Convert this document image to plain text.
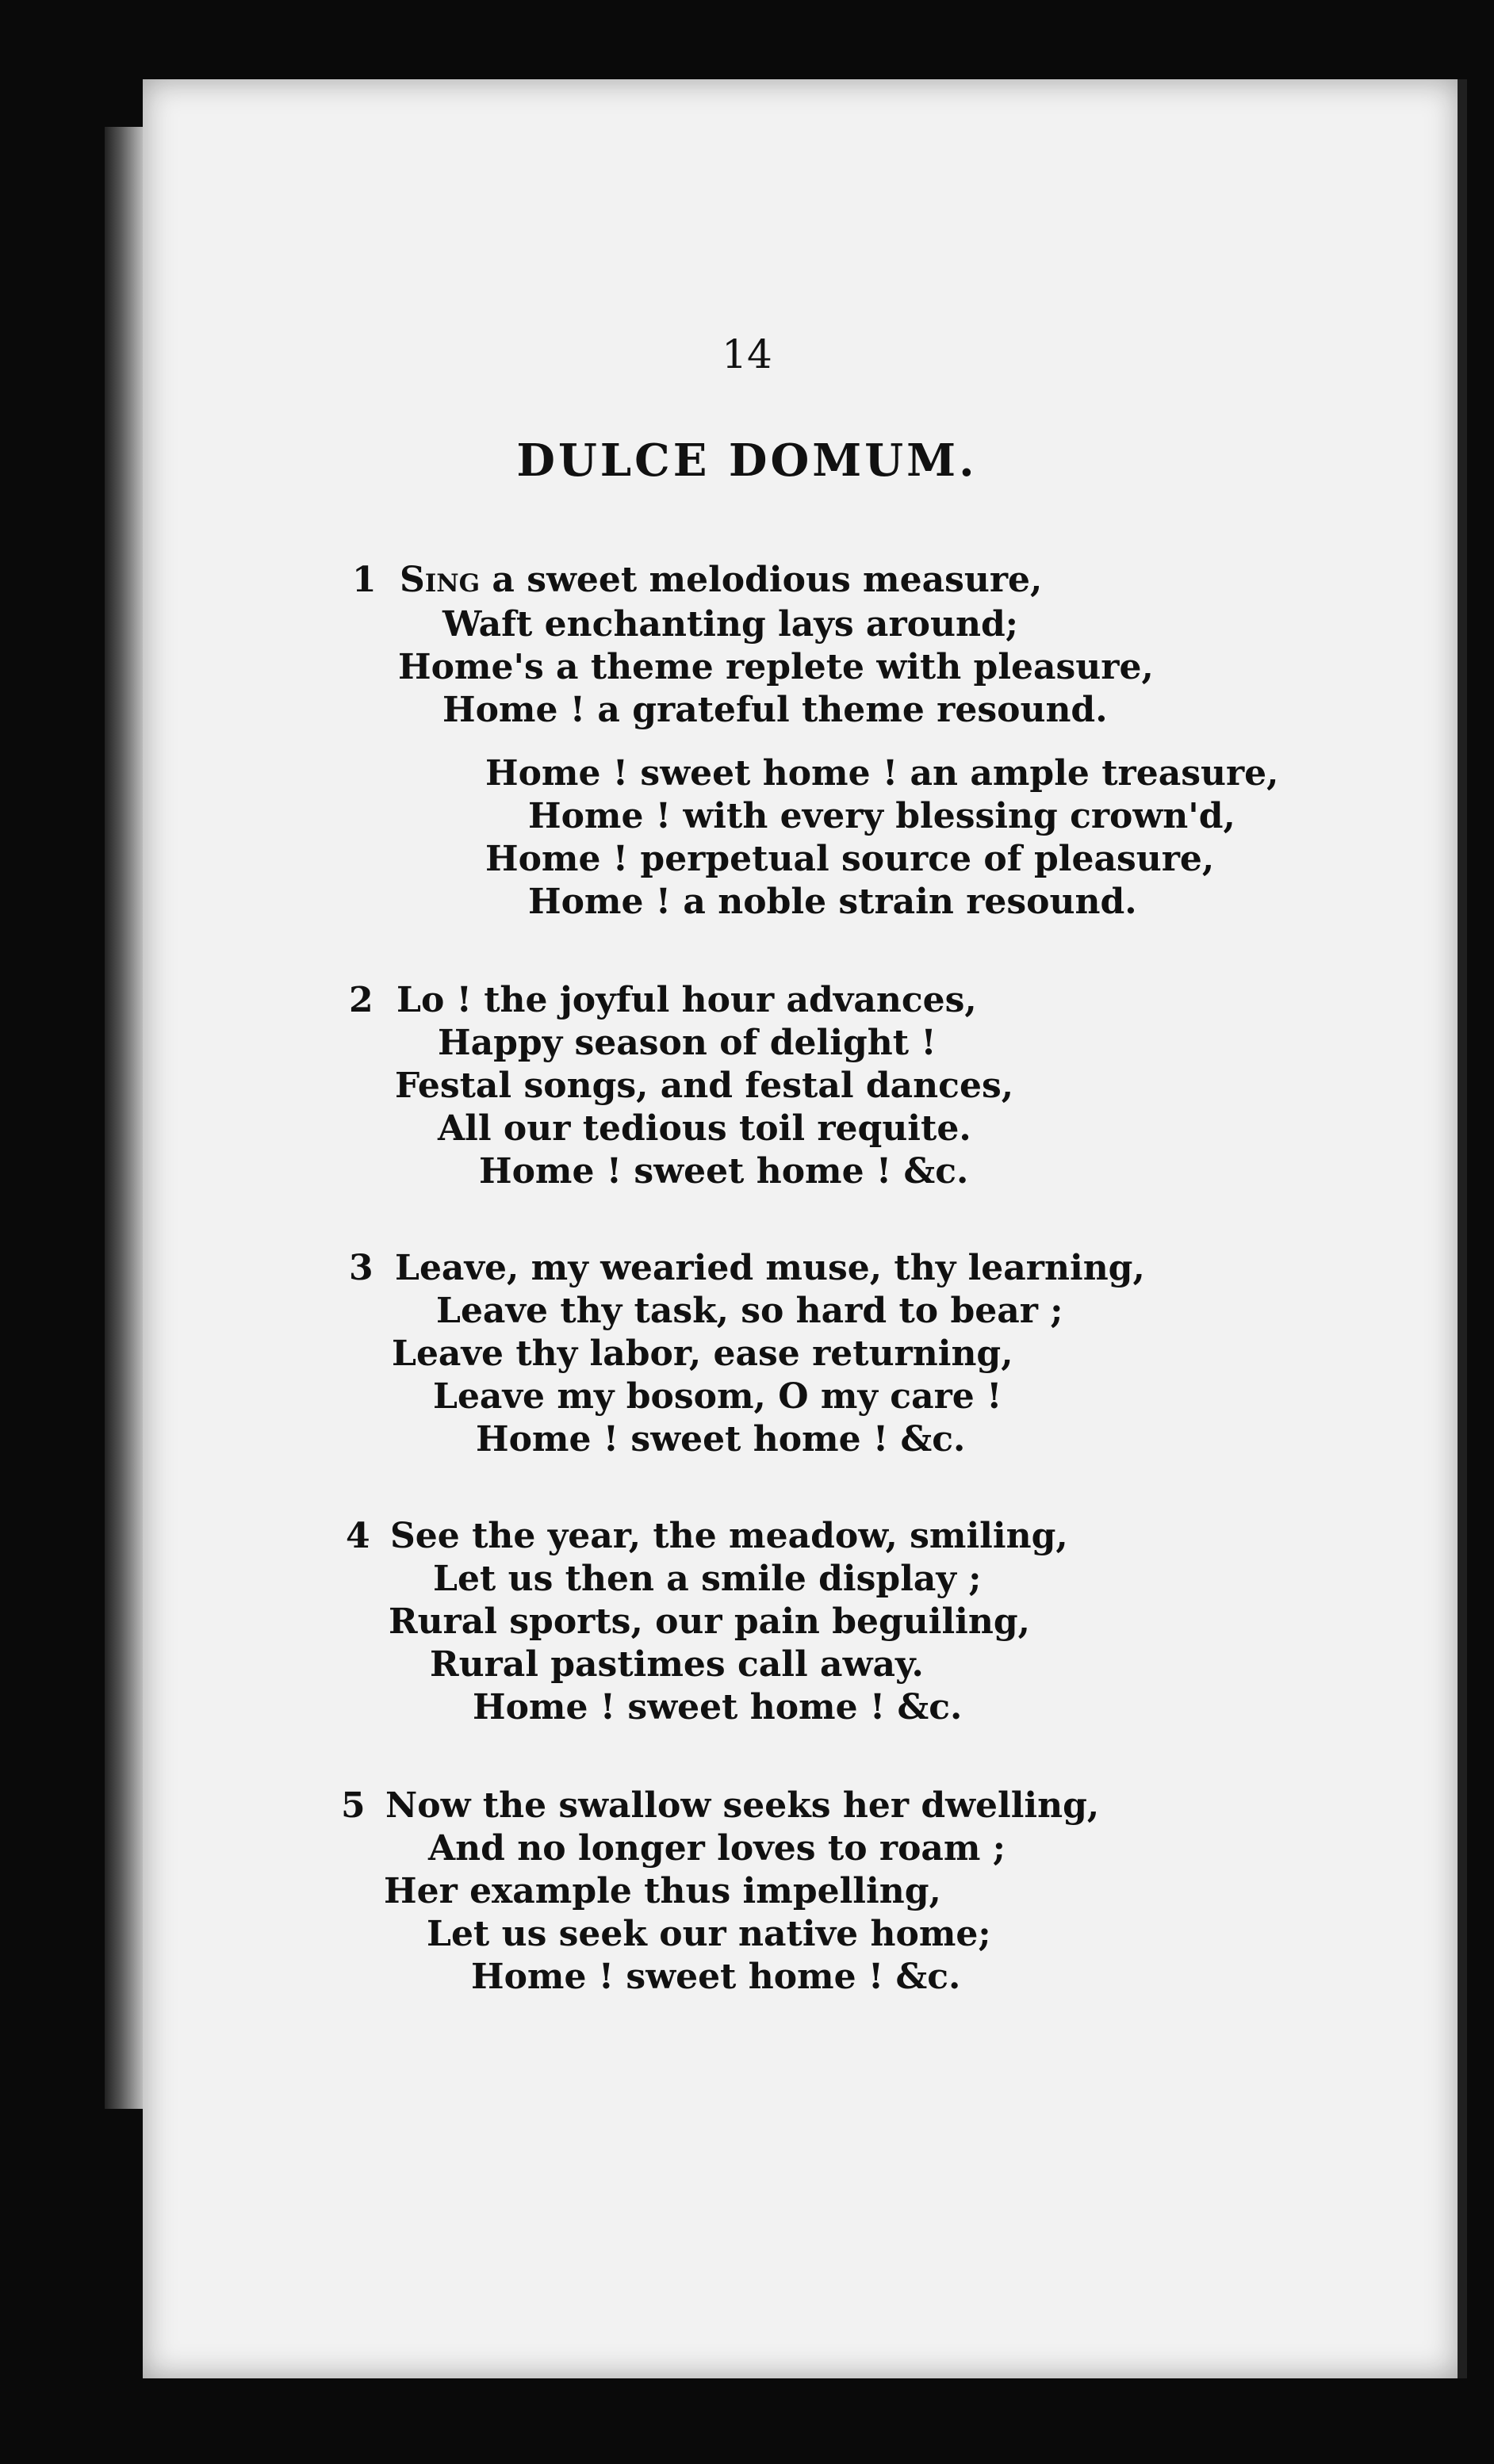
14
DULCE DOMUM.
1 Sing a sweet melodious measure,
Waft enchanting lays around;
Home's a theme replete with pleasure,
Home ! a grateful theme resound.
Home ! sweet home ! an ample treasure,
Home ! with every blessing crown'd,
Home ! perpetual source of pleasure,
Home ! a noble strain resound.
2 Lo ! the joyful hour advances,
Happy season of delight !
Festal songs, and festal dances,
All our tedious toil requite.
Home ! sweet home ! &c.
3 Leave, my wearied muse, thy learning,
Leave thy task, so hard to bear ;
Leave thy labor, ease returning,
Leave my bosom, O my care !
Home ! sweet home ! &c.
4 See the year, the meadow, smiling,
Let us then a smile display ;
Rural sports, our pain beguiling,
Rural pastimes call away.
Home ! sweet home ! &c.
5 Now the swallow seeks her dwelling,
And no longer loves to roam ;
Her example thus impelling,
Let us seek our native home;
Home ! sweet home ! &c.
